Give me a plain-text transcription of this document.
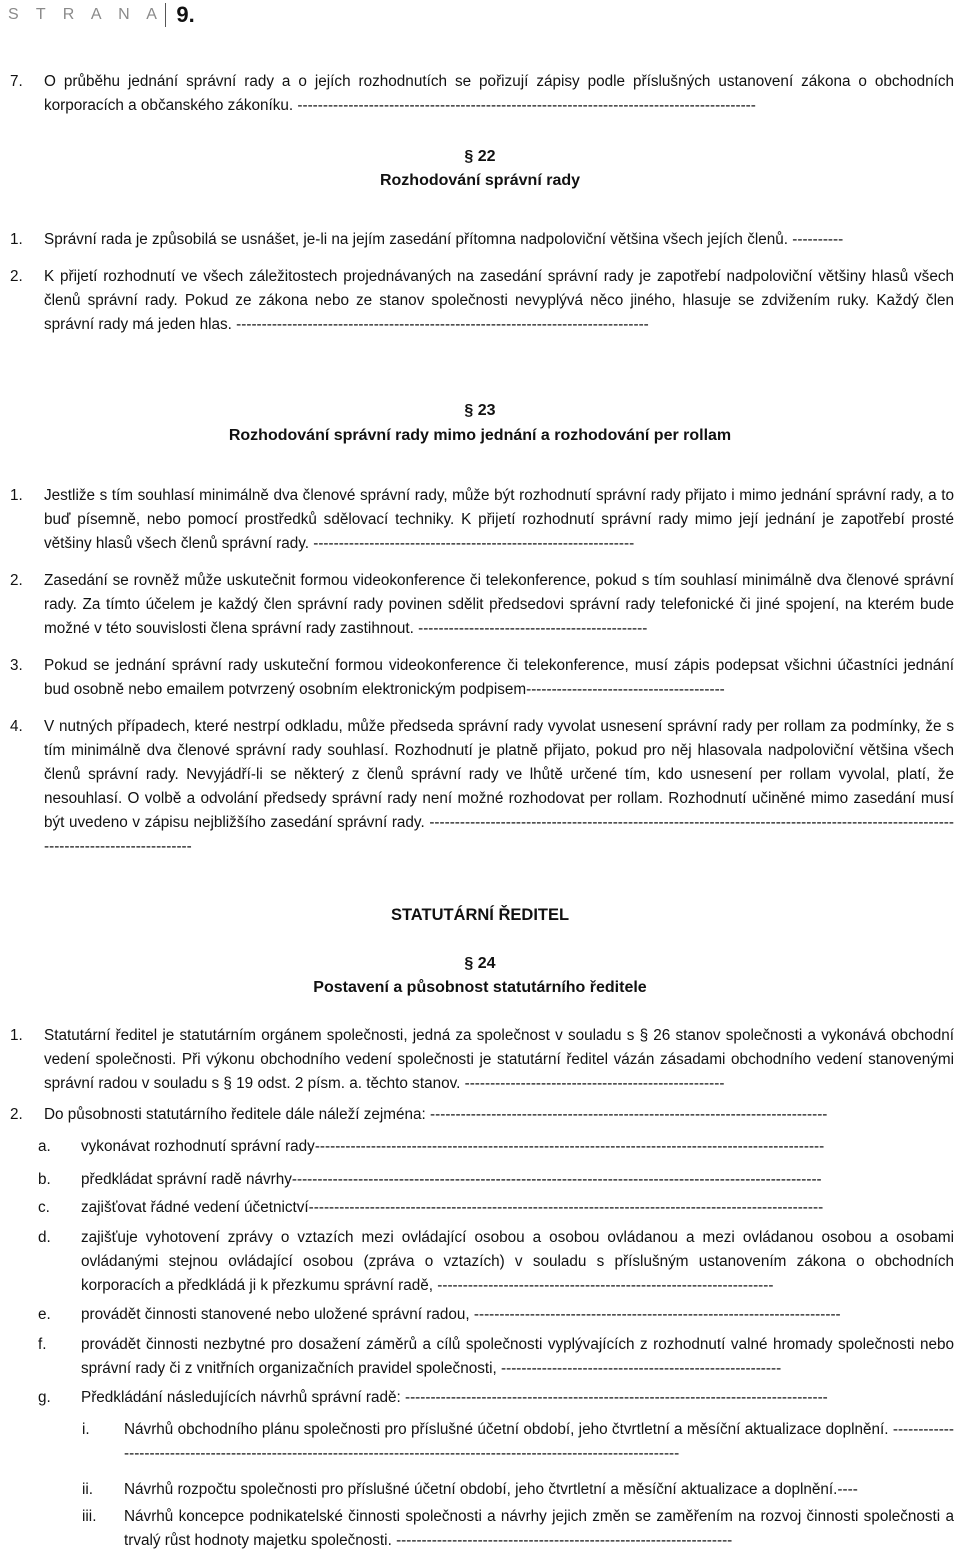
S T R A N A 9.
7.	O průběhu jednání správní rady a o jejích rozhodnutích se pořizují zápisy podle příslušných ustanovení zákona o obchodních korporacích a občanského zákoníku. ------------------------------------------------------------------------------------------

§ 22
Rozhodování správní rady
1.	Správní rada je způsobilá se usnášet, je-li na jejím zasedání přítomna nadpoloviční většina všech jejích členů. ----------

2.	K přijetí rozhodnutí ve všech záležitostech projednávaných na zasedání správní rady je zapotřebí nadpoloviční většiny hlasů všech členů správní rady. Pokud ze zákona nebo ze stanov společnosti nevyplývá něco jiného, hlasuje se zdvižením ruky. Každý člen správní rady má jeden hlas. ---------------------------------------------------------------------------------

§ 23
Rozhodování správní rady mimo jednání a rozhodování per rollam
1.	Jestliže s tím souhlasí minimálně dva členové správní rady, může být rozhodnutí správní rady přijato i mimo jednání správní rady, a to buď písemně, nebo pomocí prostředků sdělovací techniky. K přijetí rozhodnutí správní rady mimo její jednání je zapotřebí prosté většiny hlasů všech členů správní rady. ---------------------------------------------------------------

2.	Zasedání se rovněž může uskutečnit formou videokonference či telekonference, pokud s tím souhlasí minimálně dva členové správní rady. Za tímto účelem je každý člen správní rady povinen sdělit předsedovi správní rady telefonické či jiné spojení, na kterém bude možné v této souvislosti člena správní rady zastihnout. ---------------------------------------------

3.	Pokud se jednání správní rady uskuteční formou videokonference či telekonference, musí zápis podepsat všichni účastníci jednání bud osobně nebo emailem potvrzený osobním elektronickým podpisem---------------------------------------

4.	V nutných případech, které nestrpí odkladu, může předseda správní rady vyvolat usnesení správní rady per rollam za podmínky, že s tím minimálně dva členové správní rady souhlasí. Rozhodnutí je platně přijato, pokud pro něj hlasovala nadpoloviční většina všech členů správní rady. Nevyjádří-li se některý z členů správní rady ve lhůtě určené tím, kdo usnesení per rollam vyvolal, platí, že nesouhlasí. O volbě a odvolání předsedy správní rady není možné rozhodovat per rollam. Rozhodnutí učiněné mimo zasedání musí být uvedeno v zápisu nejbližšího zasedání správní rady. ------------------------------------------------------------------------------------------------------------------------------------

STATUTÁRNÍ ŘEDITEL
§ 24
Postavení a působnost statutárního ředitele
1.	Statutární ředitel je statutárním orgánem společnosti, jedná za společnost v souladu s § 26 stanov společnosti a vykonává obchodní vedení společnosti. Při výkonu obchodního vedení společnosti je statutární ředitel vázán zásadami obchodního vedení stanovenými správní radou v souladu s § 19 odst. 2 písm. a. těchto stanov. ---------------------------------------------------

2.	Do působnosti statutárního ředitele dále náleží zejména: ------------------------------------------------------------------------------

a.	vykonávat rozhodnutí správní rady----------------------------------------------------------------------------------------------------

b.	předkládat správní radě návrhy--------------------------------------------------------------------------------------------------------

c.	zajišťovat řádné vedení účetnictví-----------------------------------------------------------------------------------------------------

d.	zajišťuje vyhotovení zprávy o vztazích mezi ovládající osobou a osobou ovládanou a mezi ovládanou osobou a osobami ovládanými stejnou ovládající osobou (zpráva o vztazích) v souladu s příslušným ustanovením zákona o obchodních korporacích a předkládá ji k přezkumu správní radě, ------------------------------------------------------------------

e.	provádět činnosti stanovené nebo uložené správní radou, ------------------------------------------------------------------------

f.	provádět činnosti nezbytné pro dosažení záměrů a cílů společnosti vyplývajících z rozhodnutí valné hromady společnosti nebo správní rady či z vnitřních organizačních pravidel společnosti, -------------------------------------------------------

g.	Předkládání následujících návrhů správní radě: -----------------------------------------------------------------------------------

i.	Návrhů obchodního plánu společnosti pro příslušné účetní období, jeho čtvrtletní a měsíční aktualizace doplnění. -------------------------------------------------------------------------------------------------------------------------

ii.	Návrhů rozpočtu společnosti pro příslušné účetní období, jeho čtvrtletní a měsíční aktualizace a doplnění.----

iii.	Návrhů koncepce podnikatelské činnosti společnosti a návrhy jejich změn se zaměřením na rozvoj činnosti společnosti a trvalý růst hodnoty majetku společnosti. ------------------------------------------------------------------
